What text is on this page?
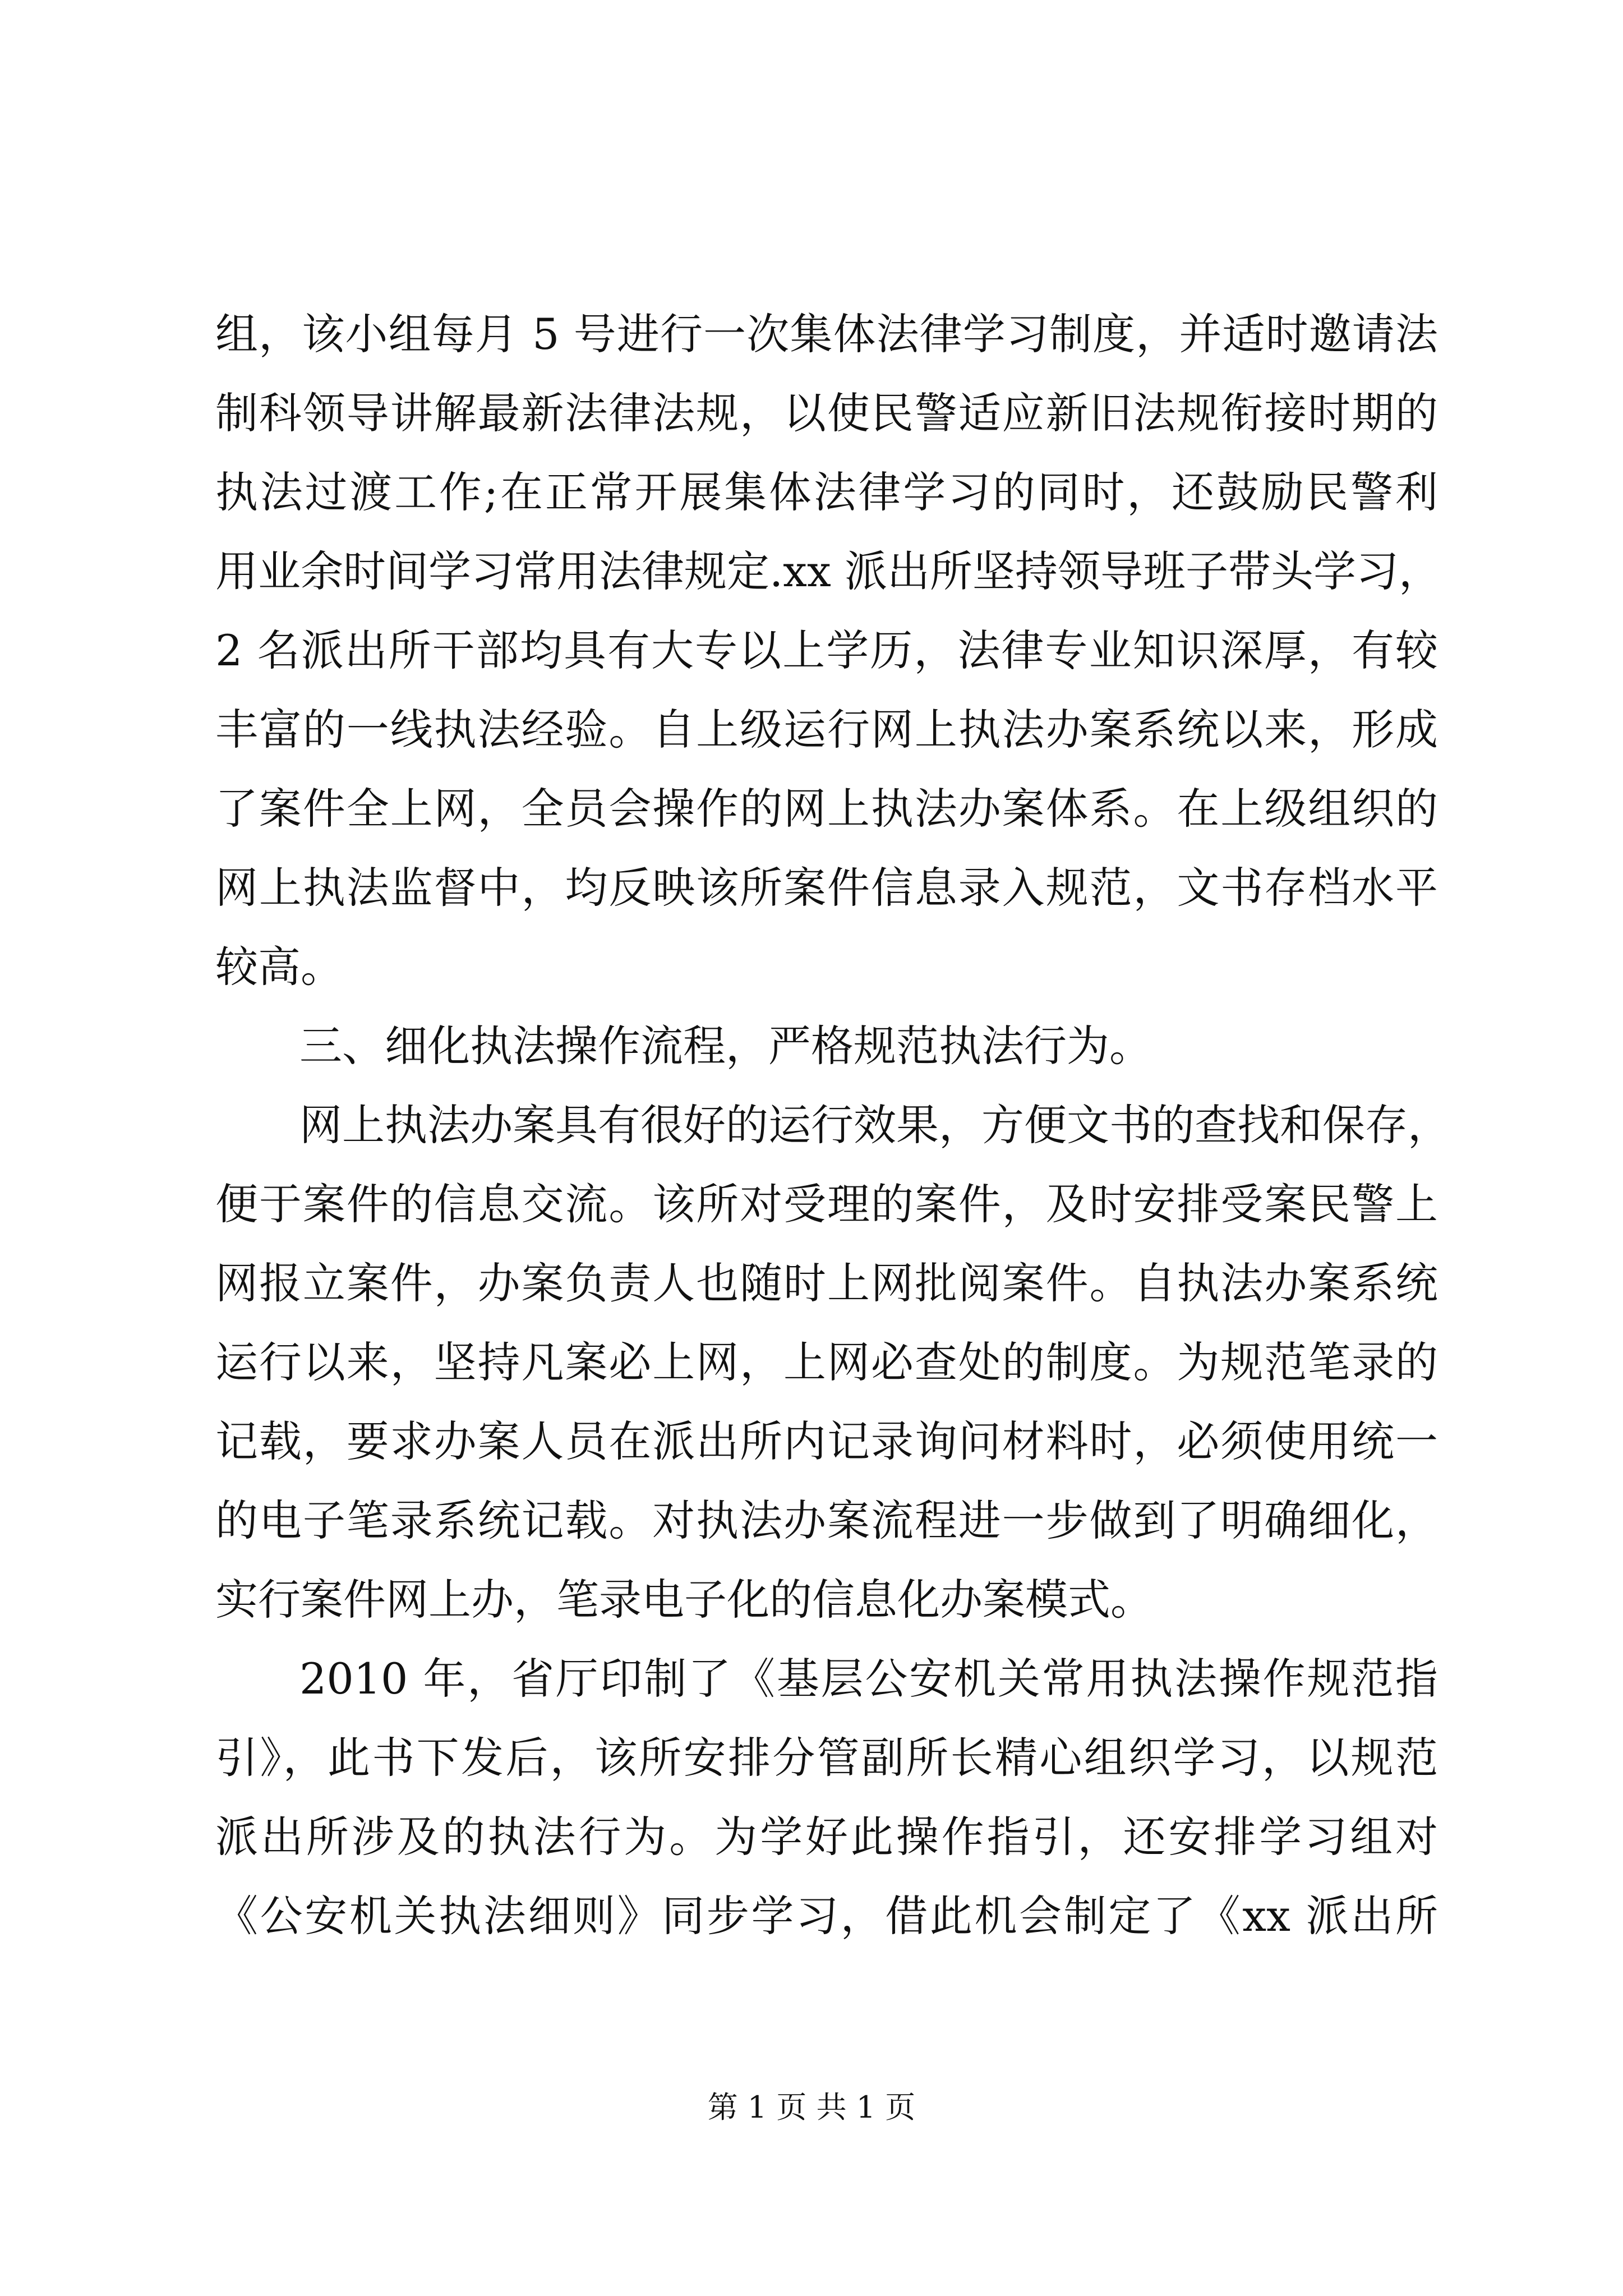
组，该小组每月 5 号进行一次集体法律学习制度，并适时邀请法
制科领导讲解最新法律法规，以使民警适应新旧法规衔接时期的
执法过渡工作;在正常开展集体法律学习的同时，还鼓励民警利
用业余时间学习常用法律规定.xx 派出所坚持领导班子带头学习，
2 名派出所干部均具有大专以上学历，法律专业知识深厚，有较
丰富的一线执法经验。自上级运行网上执法办案系统以来，形成
了案件全上网，全员会操作的网上执法办案体系。在上级组织的
网上执法监督中，均反映该所案件信息录入规范，文书存档水平
较高。
三、细化执法操作流程，严格规范执法行为。
网上执法办案具有很好的运行效果，方便文书的查找和保存，
便于案件的信息交流。该所对受理的案件，及时安排受案民警上
网报立案件，办案负责人也随时上网批阅案件。自执法办案系统
运行以来，坚持凡案必上网，上网必查处的制度。为规范笔录的
记载，要求办案人员在派出所内记录询问材料时，必须使用统一
的电子笔录系统记载。对执法办案流程进一步做到了明确细化，
实行案件网上办，笔录电子化的信息化办案模式。
2010 年，省厅印制了《基层公安机关常用执法操作规范指
引》，此书下发后，该所安排分管副所长精心组织学习，以规范
派出所涉及的执法行为。为学好此操作指引，还安排学习组对
《公安机关执法细则》同步学习，借此机会制定了《xx 派出所
第 1 页 共 1 页
